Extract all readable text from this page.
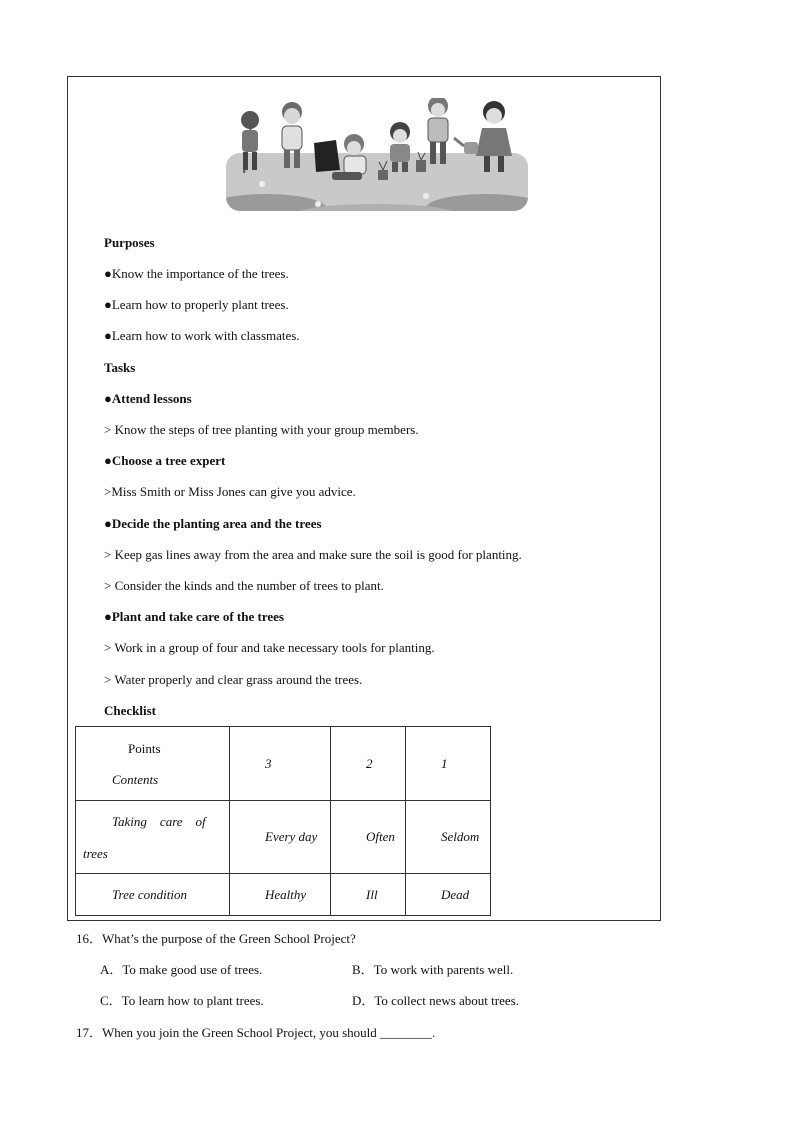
Purposes
●Know the importance of the trees.
●Learn how to properly plant trees.
●Learn how to work with classmates.
Tasks
●Attend lessons
> Know the steps of tree planting with your group members.
●Choose a tree expert
>Miss Smith or Miss Jones can give you advice.
●Decide the planting area and the trees
> Keep gas lines away from the area and make sure the soil is good for planting.
> Consider the kinds and the number of trees to plant.
●Plant and take care of the trees
> Work in a group of four and take necessary tools for planting.
> Water properly and clear grass around the trees.
Checklist
Points
Contents	3	2	1

Taking    care    of
trees	Every day	Often	Seldom
Tree condition	Healthy	Ill	Dead
16．What’s the purpose of the Green School Project?
A．To make good use of trees.	B．To work with parents well.
C．To learn how to plant trees.	D．To collect news about trees.
17．When you join the Green School Project, you should ________.
